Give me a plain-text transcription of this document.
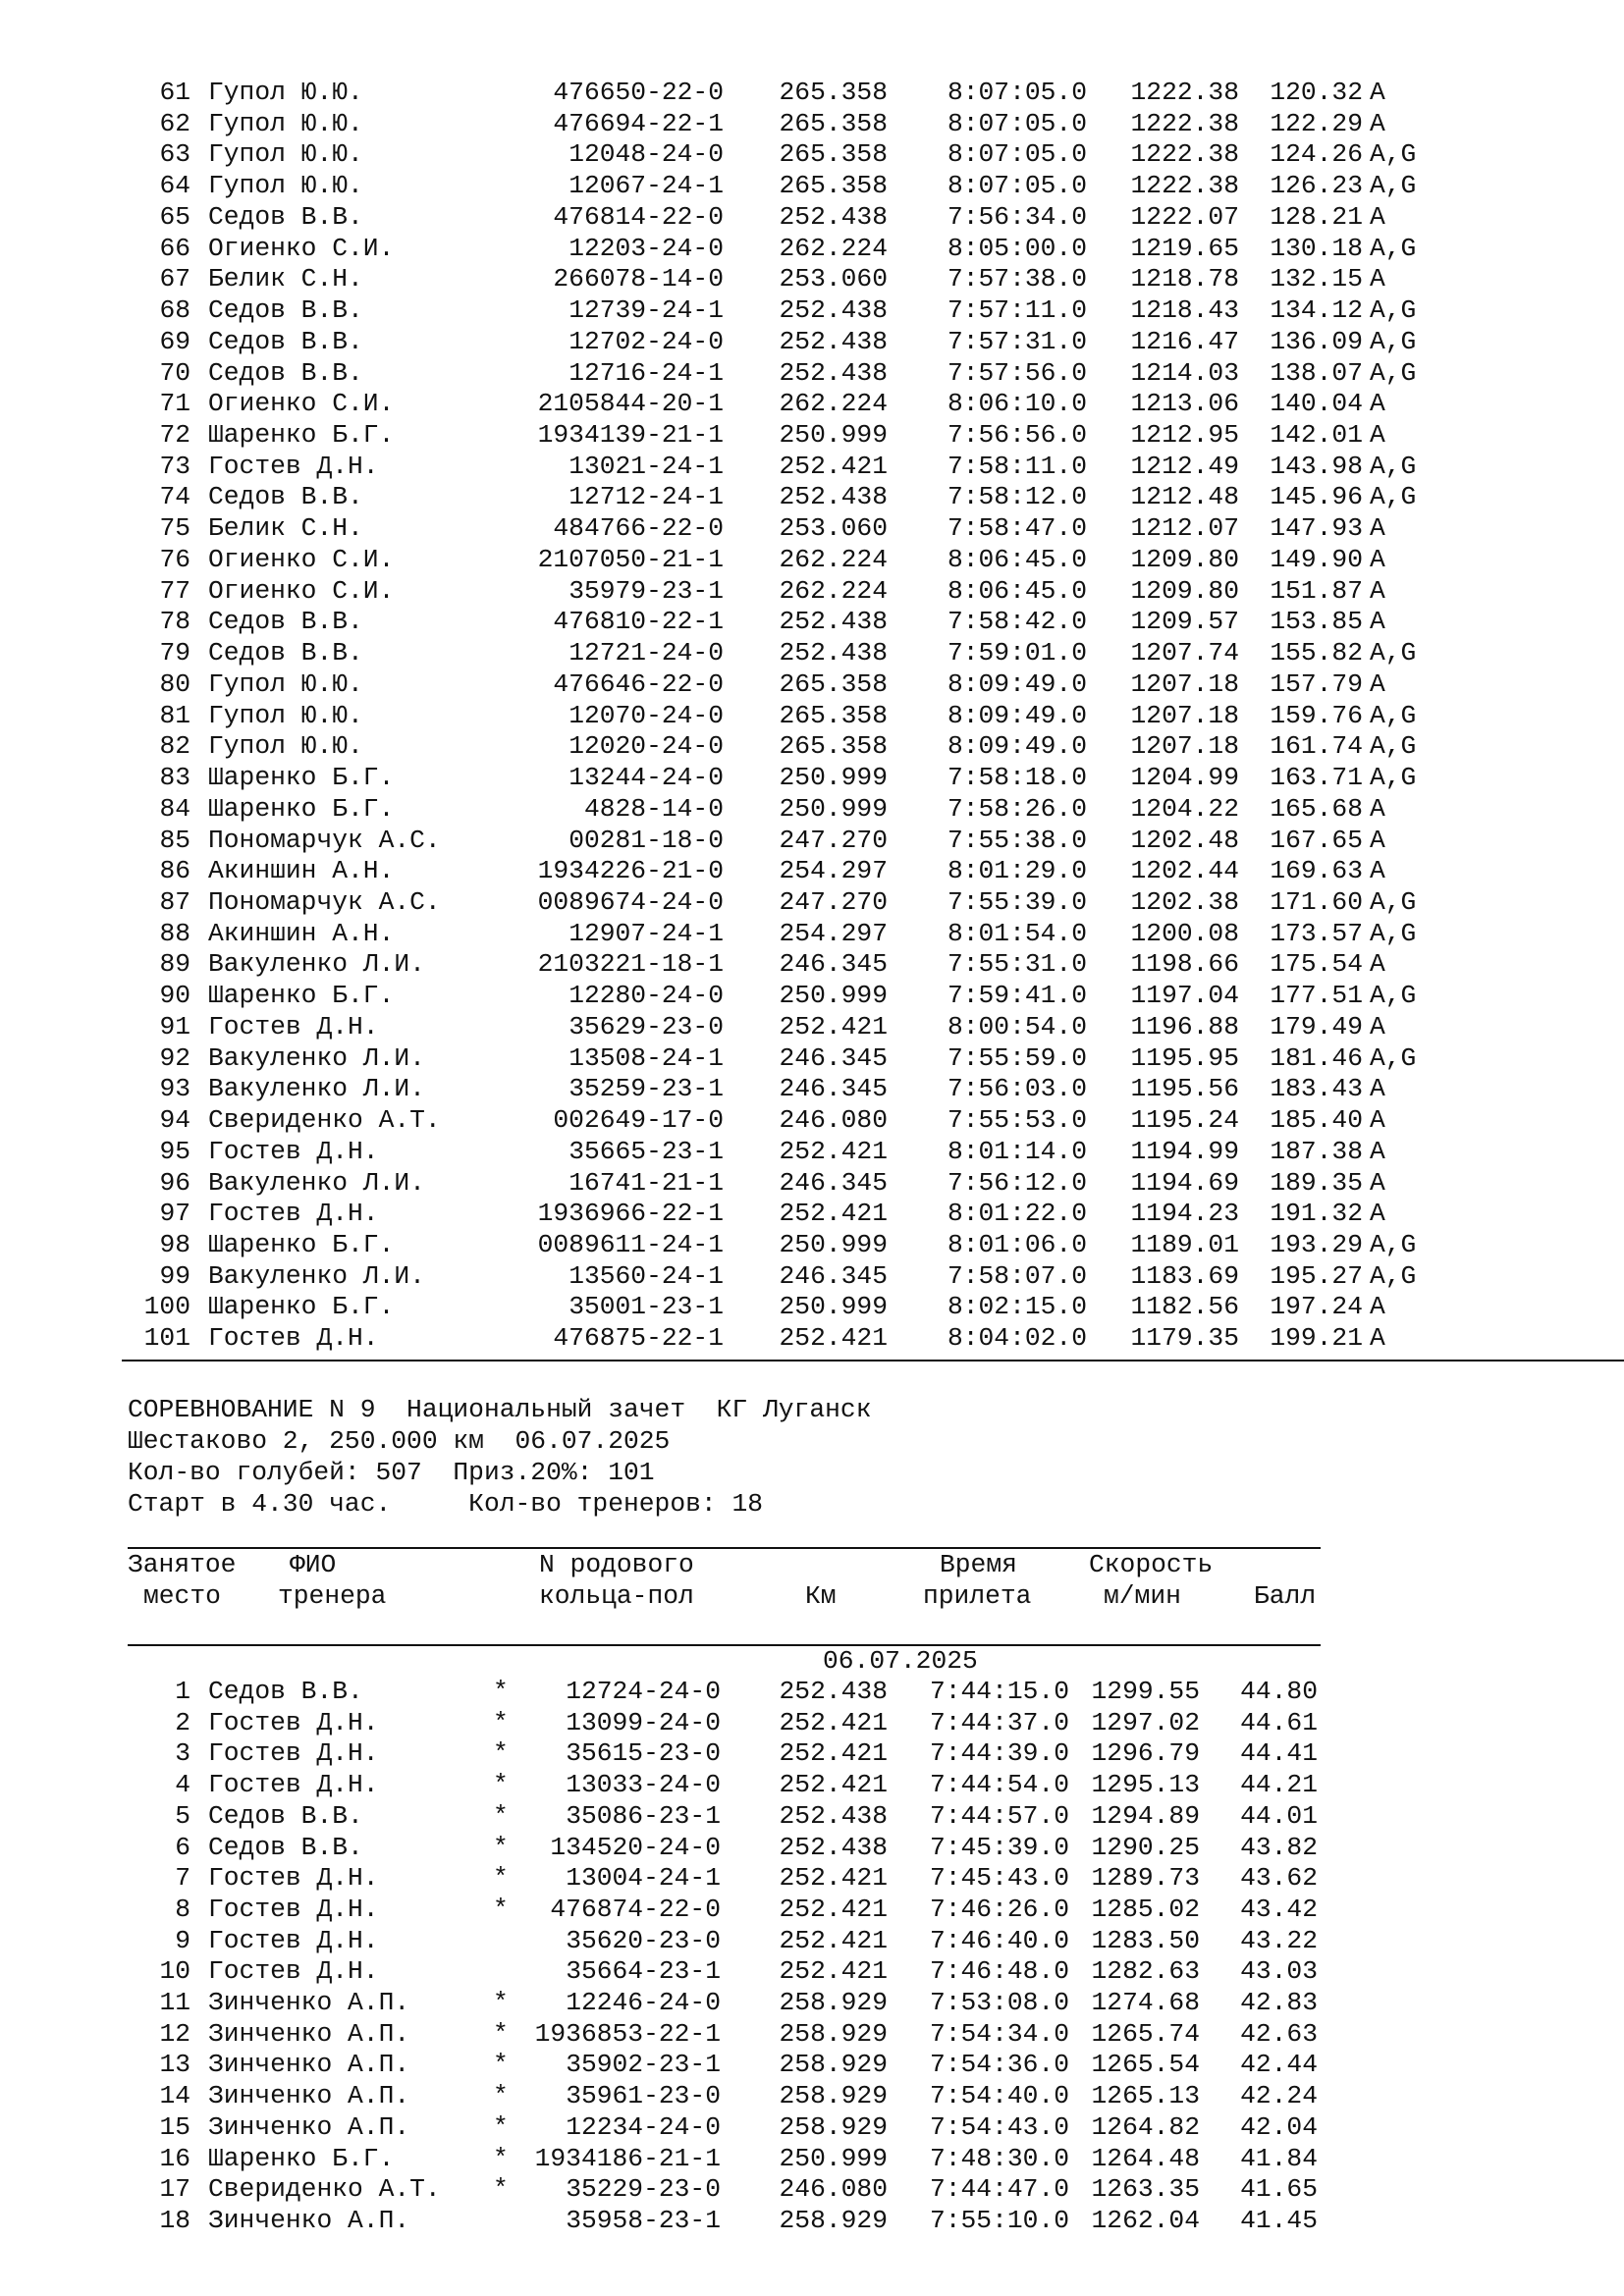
61 Гупол Ю.Ю.	476650-22-0 265.358 8:07:05.0 1222.38 120.32 A
62 Гупол Ю.Ю.	476694-22-1 265.358 8:07:05.0 1222.38 122.29 A
63 Гупол Ю.Ю.	12048-24-0 265.358 8:07:05.0 1222.38 124.26 A,G
64 Гупол Ю.Ю.	12067-24-1 265.358 8:07:05.0 1222.38 126.23 A,G
65 Седов В.В.	476814-22-0 252.438 7:56:34.0 1222.07 128.21 A
66 Огиенко С.И.	12203-24-0 262.224 8:05:00.0 1219.65 130.18 A,G
67 Белик С.Н.	266078-14-0 253.060 7:57:38.0 1218.78 132.15 A
68 Седов В.В.	12739-24-1 252.438 7:57:11.0 1218.43 134.12 A,G
69 Седов В.В.	12702-24-0 252.438 7:57:31.0 1216.47 136.09 A,G
70 Седов В.В.	12716-24-1 252.438 7:57:56.0 1214.03 138.07 A,G
71 Огиенко С.И.	2105844-20-1 262.224 8:06:10.0 1213.06 140.04 A
72 Шаренко Б.Г.	1934139-21-1 250.999 7:56:56.0 1212.95 142.01 A
73 Гостев Д.Н.	13021-24-1 252.421 7:58:11.0 1212.49 143.98 A,G
74 Седов В.В.	12712-24-1 252.438 7:58:12.0 1212.48 145.96 A,G
75 Белик С.Н.	484766-22-0 253.060 7:58:47.0 1212.07 147.93 A
76 Огиенко С.И.	2107050-21-1 262.224 8:06:45.0 1209.80 149.90 A
77 Огиенко С.И.	35979-23-1 262.224 8:06:45.0 1209.80 151.87 A
78 Седов В.В.	476810-22-1 252.438 7:58:42.0 1209.57 153.85 A
79 Седов В.В.	12721-24-0 252.438 7:59:01.0 1207.74 155.82 A,G
80 Гупол Ю.Ю.	476646-22-0 265.358 8:09:49.0 1207.18 157.79 A
81 Гупол Ю.Ю.	12070-24-0 265.358 8:09:49.0 1207.18 159.76 A,G
82 Гупол Ю.Ю.	12020-24-0 265.358 8:09:49.0 1207.18 161.74 A,G
83 Шаренко Б.Г.	13244-24-0 250.999 7:58:18.0 1204.99 163.71 A,G
84 Шаренко Б.Г.	4828-14-0 250.999 7:58:26.0 1204.22 165.68 A
85 Пономарчук А.С.	00281-18-0 247.270 7:55:38.0 1202.48 167.65 A
86 Акиншин А.Н.	1934226-21-0 254.297 8:01:29.0 1202.44 169.63 A
87 Пономарчук А.С.	0089674-24-0 247.270 7:55:39.0 1202.38 171.60 A,G
88 Акиншин А.Н.	12907-24-1 254.297 8:01:54.0 1200.08 173.57 A,G
89 Вакуленко Л.И.	2103221-18-1 246.345 7:55:31.0 1198.66 175.54 A
90 Шаренко Б.Г.	12280-24-0 250.999 7:59:41.0 1197.04 177.51 A,G
91 Гостев Д.Н.	35629-23-0 252.421 8:00:54.0 1196.88 179.49 A
92 Вакуленко Л.И.	13508-24-1 246.345 7:55:59.0 1195.95 181.46 A,G
93 Вакуленко Л.И.	35259-23-1 246.345 7:56:03.0 1195.56 183.43 A
94 Свериденко А.Т.	002649-17-0 246.080 7:55:53.0 1195.24 185.40 A
95 Гостев Д.Н.	35665-23-1 252.421 8:01:14.0 1194.99 187.38 A
96 Вакуленко Л.И.	16741-21-1 246.345 7:56:12.0 1194.69 189.35 A
97 Гостев Д.Н.	1936966-22-1 252.421 8:01:22.0 1194.23 191.32 A
98 Шаренко Б.Г.	0089611-24-1 250.999 8:01:06.0 1189.01 193.29 A,G
99 Вакуленко Л.И.	13560-24-1 246.345 7:58:07.0 1183.69 195.27 A,G
100 Шаренко Б.Г.	35001-23-1 250.999 8:02:15.0 1182.56 197.24 A
101 Гостев Д.Н.	476875-22-1 252.421 8:04:02.0 1179.35 199.21 A
СОРЕВНОВАНИЕ N 9  Национальный зачет  КГ Луганск
Шестаково 2, 250.000 км  06.07.2025
Кол-во голубей: 507  Приз.20%: 101
Старт в 4.30 час.     Кол-во тренеров: 18
Занятое ФИО	N родового	Время	Скорость
место тренера	кольца-пол	Км	прилета	м/мин	Балл
06.07.2025
1 Седов В.В.	* 12724-24-0 252.438 7:44:15.0 1299.55 44.80
2 Гостев Д.Н.	* 13099-24-0 252.421 7:44:37.0 1297.02 44.61
3 Гостев Д.Н.	* 35615-23-0 252.421 7:44:39.0 1296.79 44.41
4 Гостев Д.Н.	* 13033-24-0 252.421 7:44:54.0 1295.13 44.21
5 Седов В.В.	* 35086-23-1 252.438 7:44:57.0 1294.89 44.01
6 Седов В.В.	* 134520-24-0 252.438 7:45:39.0 1290.25 43.82
7 Гостев Д.Н.	* 13004-24-1 252.421 7:45:43.0 1289.73 43.62
8 Гостев Д.Н.	* 476874-22-0 252.421 7:46:26.0 1285.02 43.42
9 Гостев Д.Н.	35620-23-0 252.421 7:46:40.0 1283.50 43.22
10 Гостев Д.Н.	35664-23-1 252.421 7:46:48.0 1282.63 43.03
11 Зинченко А.П.	* 12246-24-0 258.929 7:53:08.0 1274.68 42.83
12 Зинченко А.П.	* 1936853-22-1 258.929 7:54:34.0 1265.74 42.63
13 Зинченко А.П.	* 35902-23-1 258.929 7:54:36.0 1265.54 42.44
14 Зинченко А.П.	* 35961-23-0 258.929 7:54:40.0 1265.13 42.24
15 Зинченко А.П.	* 12234-24-0 258.929 7:54:43.0 1264.82 42.04
16 Шаренко Б.Г.	* 1934186-21-1 250.999 7:48:30.0 1264.48 41.84
17 Свериденко А.Т. * 35229-23-0 246.080 7:44:47.0 1263.35 41.65
18 Зинченко А.П.	35958-23-1 258.929 7:55:10.0 1262.04 41.45
